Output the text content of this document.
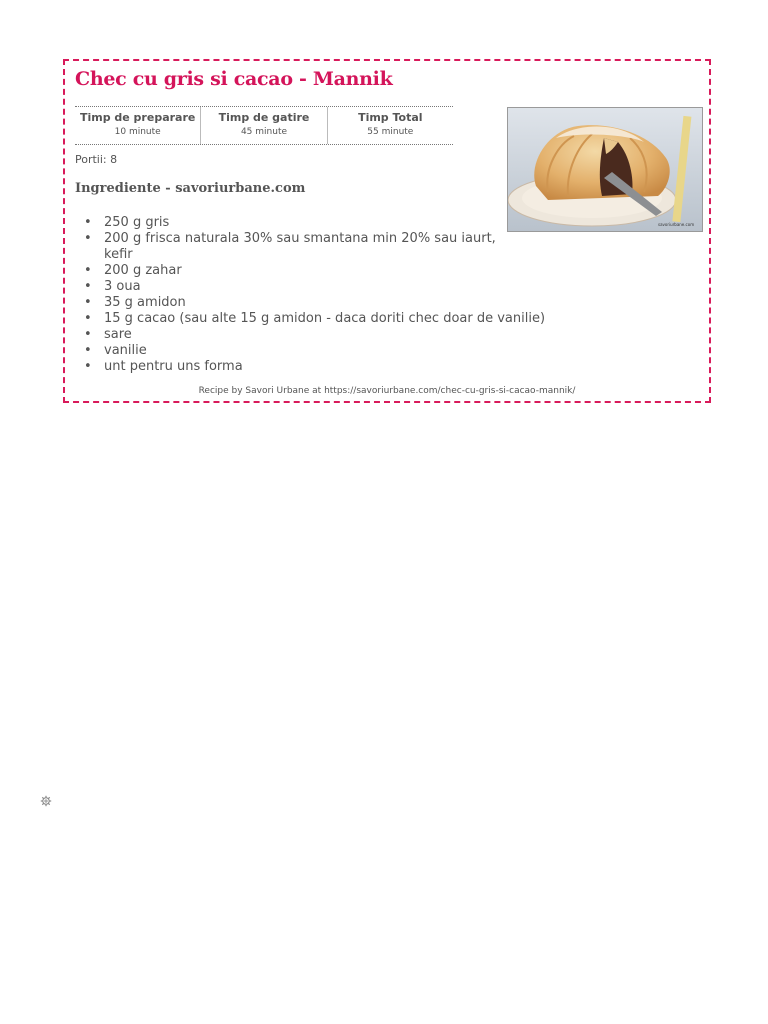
Chec cu gris si cacao - Mannik
Timp de preparare
10 minute
Timp de gatire
45 minute
Timp Total
55 minute
Portii: 8
Ingrediente - savoriurbane.com
• 250 g gris
• 200 g frisca naturala 30% sau smantana min 20% sau iaurt, kefir
• 200 g zahar
• 3 oua
• 35 g amidon
• 15 g cacao (sau alte 15 g amidon - daca doriti chec doar de vanilie)
• sare
• vanilie
• unt pentru uns forma
savoriurbane.com
Recipe by Savori Urbane at https://savoriurbane.com/chec-cu-gris-si-cacao-mannik/
